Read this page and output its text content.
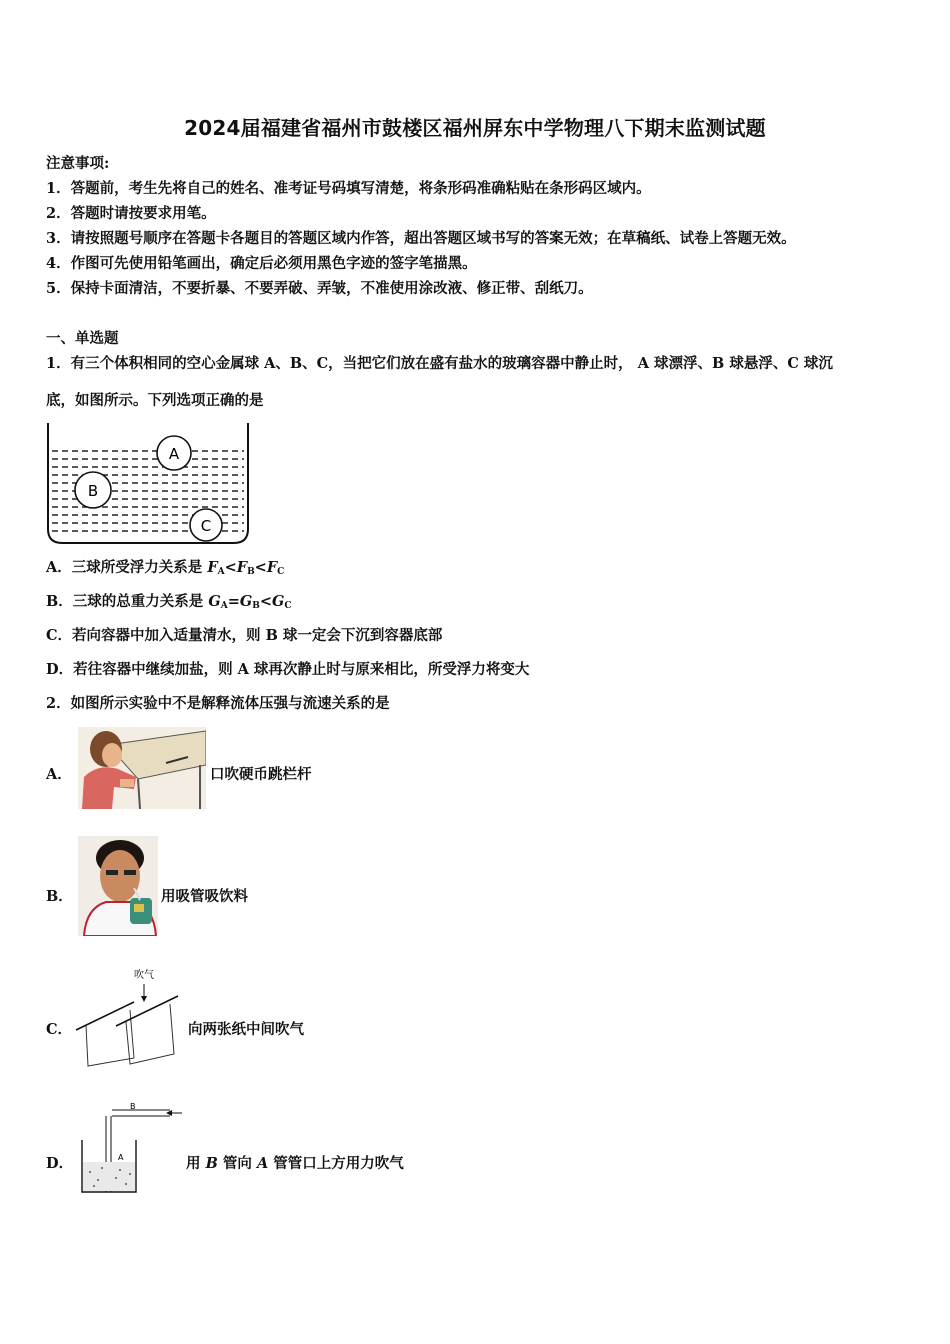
2024届福建省福州市鼓楼区福州屏东中学物理八下期末监测试题
注意事项:
1．答题前，考生先将自己的姓名、准考证号码填写清楚，将条形码准确粘贴在条形码区域内。
2．答题时请按要求用笔。
3．请按照题号顺序在答题卡各题目的答题区域内作答，超出答题区域书写的答案无效；在草稿纸、试卷上答题无效。
4．作图可先使用铅笔画出，确定后必须用黑色字迹的签字笔描黑。
5．保持卡面清洁，不要折暴、不要弄破、弄皱，不准使用涂改液、修正带、刮纸刀。
一、单选题
1．有三个体积相同的空心金属球 A、B、C，当把它们放在盛有盐水的玻璃容器中静止时， A 球漂浮、B 球悬浮、C 球沉
底，如图所示。下列选项正确的是
A
B
C
A．三球所受浮力关系是 $F_A<F_B<F_C$
B．三球的总重力关系是 $G_A=G_B<G_C$
C．若向容器中加入适量清水，则 B 球一定会下沉到容器底部
D．若往容器中继续加盐，则 A 球再次静止时与原来相比，所受浮力将变大
2．如图所示实验中不是解释流体压强与流速关系的是
A．	口吹硬币跳栏杆
B．	用吸管吸饮料
C．
吹气
向两张纸中间吹气
D．
B
A	用 B 管向 A 管管口上方用力吹气
